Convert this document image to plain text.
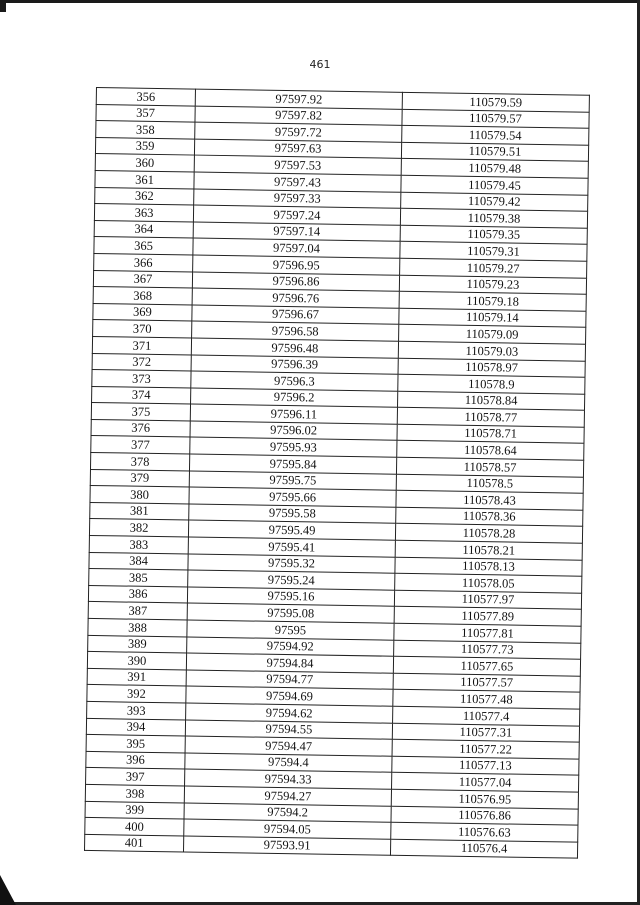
461
356	97597.92	110579.59
357	97597.82	110579.57
358	97597.72	110579.54
359	97597.63	110579.51
360	97597.53	110579.48
361	97597.43	110579.45
362	97597.33	110579.42
363	97597.24	110579.38
364	97597.14	110579.35
365	97597.04	110579.31
366	97596.95	110579.27
367	97596.86	110579.23
368	97596.76	110579.18
369	97596.67	110579.14
370	97596.58	110579.09
371	97596.48	110579.03
372	97596.39	110578.97
373	97596.3	110578.9
374	97596.2	110578.84
375	97596.11	110578.77
376	97596.02	110578.71
377	97595.93	110578.64
378	97595.84	110578.57
379	97595.75	110578.5
380	97595.66	110578.43
381	97595.58	110578.36
382	97595.49	110578.28
383	97595.41	110578.21
384	97595.32	110578.13
385	97595.24	110578.05
386	97595.16	110577.97
387	97595.08	110577.89
388	97595	110577.81
389	97594.92	110577.73
390	97594.84	110577.65
391	97594.77	110577.57
392	97594.69	110577.48
393	97594.62	110577.4
394	97594.55	110577.31
395	97594.47	110577.22
396	97594.4	110577.13
397	97594.33	110577.04
398	97594.27	110576.95
399	97594.2	110576.86
400	97594.05	110576.63
401	97593.91	110576.4
